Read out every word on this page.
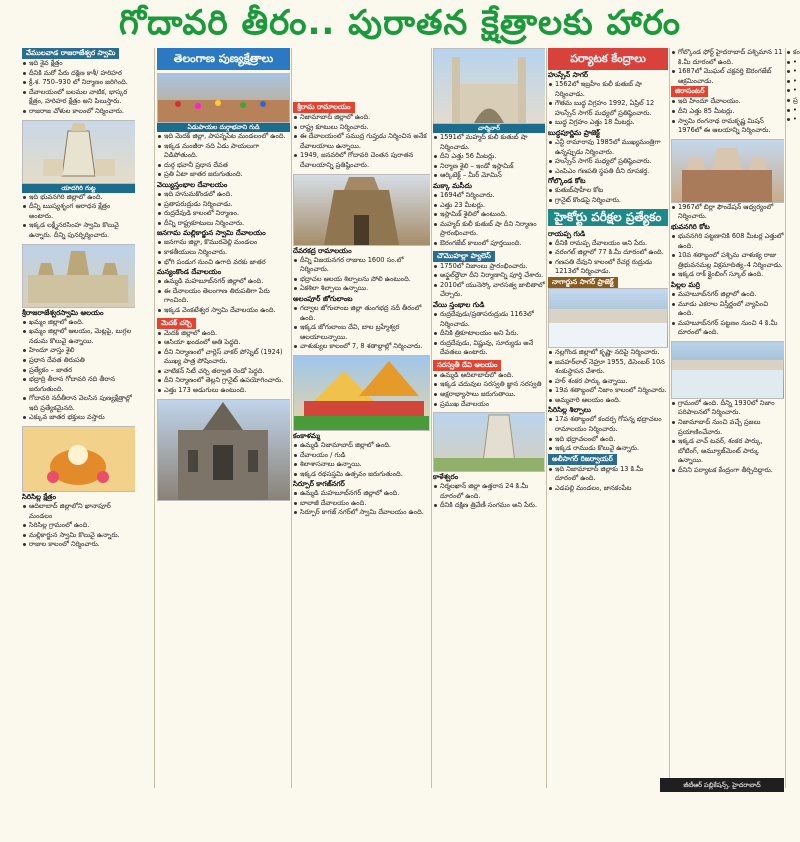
గోదావరి తీరం.. పురాతన క్షేత్రాలకు హారం
వేములవాడ రాజరాజేశ్వర స్వామి
ఇది శైవ క్షేత్రం
దీనికి మరో పేరు దక్షిణ కాశీ/ హరిహర
క్రీ.శ. 750–930 లో నిర్మాణం జరిగింది.
దేవాలయంలో బలమల వాటిక, భాస్కర క్షేత్రం, హరిహర క్షేత్రం అని పిలుస్తారు.
రాజరాజ చోళుల కాలంలో నిర్మించారు.
యాదగిరి గుట్ట
ఇది భువనగిరి జిల్లాలో ఉంది.
దీన్ని ఋష్యశృంగ ఆరాధన క్షేత్రం అంటారు.
ఇక్కడ లక్ష్మీనరసింహ స్వామి కొలువై ఉన్నారు. దీన్ని పునర్నిర్మించారు.
శ్రీరాజరాజేశ్వరస్వామి ఆలయం
ఖమ్మం జిల్లాలో ఉంది.
ఖమ్మం జిల్లాలో ఆలయం, మెట్లపై, బుగ్గల నడుమ కొలువై ఉన్నాయి.
హిందూ వాస్తు శైలి
ప్రధాన దేవత తిరుపతి
ప్రత్యేకం – జాతర
భద్రాద్రి తీరాన గోదావరి నది తీరాన జరుగుతుంది.
గోదావరి నదీతీరాన వెలసిన పుణ్యక్షేత్రాల్లో ఇది ప్రత్యేకమైనది.
ఎక్కువ జాతర భక్తులు వస్తారు
సిరిసిల్ల క్షేత్రం
ఆదిలాబాద్ జిల్లాలోని ఖానాపూర్ మండలం
సిరిసిల్ల గ్రామంలో ఉంది.
మల్లికార్జున స్వామి కొలువై ఉన్నారు.
రాజుల కాలంలో నిర్మించారు.
తెలంగాణ పుణ్యక్షేత్రాలు
ఏడుపాయల దుర్గాభవాని గుడి
ఇది మెదక్ జిల్లా, పాపన్నపేట మండలంలో ఉంది.
ఇక్కడ మంజీరా నది ఏడు పాయలుగా విడిపోతుంది.
దుర్గ భవానీ ప్రధాన దేవత
ప్రతి ఏటా జాతర జరుగుతుంది.
వెయ్యిస్తంభాల దేవాలయం
ఇది హనుమకొండలో ఉంది.
ప్రతాపరుద్రుడు నిర్మించాడు.
రుద్రదేవుడి కాలంలో నిర్మాణం.
దీన్ని రాష్ట్రకూటులు నిర్మించారు.
జనగామ మల్లికార్జున స్వామి దేవాలయం
జనగామ జిల్లా, కొమురవెల్లి మండలం
కాకతీయులు నిర్మించారు.
భోగి పండుగ నుంచి ఉగాది వరకు జాతర
మన్యంకొండ దేవాలయం
ఉమ్మడి మహబూబ్‌నగర్ జిల్లాలో ఉంది.
ఈ దేవాలయం తెలంగాణ తిరుపతిగా పేరు గాంచింది.
ఇక్కడ వెంకటేశ్వర స్వామి దేవాలయం ఉంది.
మెదక్ చర్చి
మెదక్ జిల్లాలో ఉంది.
ఆసియా ఖండంలో అతి పెద్దది.
దీని నిర్మాణంలో చార్లెస్ వాకర్ పోస్నెట్ (1924) ముఖ్య పాత్ర పోషించారు.
వాటికన్ సిటీ చర్చి తర్వాత రెండో పెద్దది.
దీని నిర్మాణంలో తెల్లని గ్రానైట్ ఉపయోగించారు.
ఎత్తు 173 అడుగులు ఉంటుంది.
శ్రీరామ రామాలయం
నిజామాబాద్ జిల్లాలో ఉంది.
రాష్ట్ర కూటులు నిర్మించారు.
ఈ దేవాలయంలో సముద్ర గుప్తుడు నిర్మించిన అనేక దేవాలయాలు ఉన్నాయి.
1949, జనవరిలో గోదావరి చెంతన పురాతన దేవాలయాన్ని ప్రతిష్ఠించారు.
దేవరకద్ర రామాలయం
దీన్ని విజయనగర రాజులు 1600 సం.లో నిర్మించారు.
భద్రాచల ఆలయ శిల్పాలను పోలి ఉంటుంది.
ఏకశిలా శిల్పాలు ఉన్నాయి.
అలంపూర్ జోగులాంబ
గద్వాల జోగులాంబ జిల్లా తుంగభద్ర నదీ తీరంలో ఉంది.
ఇక్కడ జోగులాంబ దేవి, బాల బ్రహ్మేశ్వర ఆలయాలున్నాయి.
చాళుక్యుల కాలంలో 7, 8 శతాబ్దాల్లో నిర్మించారు.
కంకాళమ్మ
ఉమ్మడి నిజామాబాద్ జిల్లాలో ఉంది.
దేవాలయం / గుడి
శిలాశాసనాలు ఉన్నాయి.
ఇక్కడ రథసప్తమి ఉత్సవం జరుగుతుంది.
సిర్పూర్ కాగజ్‌నగర్
ఉమ్మడి మహబూబ్‌నగర్ జిల్లాలో ఉంది.
బాలాజీ దేవాలయం ఉంది.
సిర్పూర్ కాగజ్ నగర్‌లో స్వామి దేవాలయం ఉంది.
చార్మినార్
1591లో మహ్మద్ కులీ కుతుబ్ షా నిర్మించాడు.
దీని ఎత్తు 56 మీటర్లు.
నిర్మాణ శైలి – ఇండో ఇస్లామిక్
ఆర్కిటెక్ట్ – మీర్ మోమిన్
మక్కా మసీదు
1694లో నిర్మించారు.
ఎత్తు 23 మీటర్లు.
ఇస్లామిక్ శైలిలో ఉంటుంది.
మహ్మద్ కులీ కుతుబ్ షా దీని నిర్మాణం ప్రారంభించారు.
ఔరంగజేబ్ కాలంలో పూర్తయింది.
చౌమొహల్లా ప్యాలెస్
1750లో నిజాంలు ప్రారంభించారు.
అఫ్జల్‌ద్దౌలా దీని నిర్మాణాన్ని పూర్తి చేశారు.
2010లో యునెస్కో వారసత్వ జాబితాలో చేర్చారు.
వేయి స్తంభాల గుడి
రుద్రదేవుడు/ప్రతాపరుద్రుడు 1163లో నిర్మించాడు.
దీనికి త్రికూటాలయం అని పేరు.
రుద్రదేవుడు, విష్ణువు, సూర్యుడు అనే దేవతలు ఉంటారు.
సరస్వతీ దేవి ఆలయం
ఉమ్మడి ఆదిలాబాద్‌లో ఉంది.
ఇక్కడ చదువుల సరస్వతి జ్ఞాన సరస్వతి
అక్షరాభ్యాసాలు జరుగుతాయి.
ప్రముఖ దేవాలయం
కాళేశ్వరం
నిర్మలఖాన్ జిల్లా ఉత్తరాన 24 కి.మీ దూరంలో ఉంది.
దీనికి దక్షిణ త్రివేణీ సంగమం అని పేరు.
పర్యాటక కేంద్రాలు
హుస్సేన్ సాగర్
1562లో ఇబ్రహీం కులీ కుతుబ్ షా నిర్మించాడు.
గౌతమ బుద్ధ విగ్రహం 1992, ఏప్రిల్ 12 హుస్సేన్ సాగర్ మధ్యలో ప్రతిష్ఠించారు.
బుద్ధ విగ్రహం ఎత్తు 18 మీటర్లు.
బుద్ధపూర్ణిమ ప్రాజెక్ట్
ఎన్టీ రామారావు 1985లో ముఖ్యమంత్రిగా ఉన్నప్పుడు నిర్మించారు.
హుస్సేన్ సాగర్ మధ్యలో ప్రతిష్ఠించారు.
ఎంపిఎం గణపతి స్థపతి దీని రూపకర్త.
గోల్కొండ కోట
కుతుబ్‌షాహీల కోట
గ్రానైట్ కొండపై నిర్మించారు.
హైకోర్టు పరీక్షల ప్రత్యేకం
రాయప్ప గుడి
దీనికి రామప్ప దేవాలయం అని పేరు.
వరంగల్ జిల్లాలో 77 కి.మీ దూరంలో ఉంది.
గణపతి దేవుని కాలంలో రేచర్ల రుద్రుడు 1213లో నిర్మించాడు.
నాగార్జున సాగర్ ప్రాజెక్ట్
నల్లగొండ జిల్లాలో కృష్ణా నదిపై నిర్మించారు.
జవహర్‌లాల్ నెహ్రూ 1955, డిసెంబర్ 10న శంకుస్థాపన చేశారు.
హర్ శంకర పార్కు ఉన్నాయి.
19వ శతాబ్దంలో నిజాం కాలంలో నిర్మించారు.
అమ్మవారి ఆలయం ఉంది.
సిరిసిల్ల శిల్పాలు
17వ శతాబ్దంలో కందర్ప గోపన్న భద్రాచలం రామాలయం నిర్మించారు.
ఇది భద్రాచలంలో ఉంది.
ఇక్కడ రాముడు కొలువై ఉన్నారు.
అలీసాగర్ రిజర్వాయర్
ఇది నిజామాబాద్ జిల్లాకు 13 కి.మీ దూరంలో ఉంది.
ఎడపల్లి మండలం, జానకంపేట
గోల్కొండ ఫోర్ట్ హైదరాబాద్ పశ్చిమాన 11 కి.మీ దూరంలో ఉంది.
1687లో మొఘల్ చక్రవర్తి ఔరంగజేబ్ ఆక్రమించాడు.
జిరాసంటర్
ఇది హిందూ దేవాలయం.
దీని ఎత్తు 85 మీటర్లు.
స్వామి రంగనాథ రామకృష్ణ మిషన్ 1976లో ఈ ఆలయాన్ని నిర్మించారు.
1967లో బిర్లా ఫౌండేషన్ ఆధ్వర్యంలో నిర్మించారు.
భువనగిరి కోట
భువనగిరి పట్టణానికి 608 మీటర్ల ఎత్తులో ఉంది.
10వ శతాబ్దంలో పశ్చిమ చాళుక్య రాజు త్రిభువనమల్ల విక్రమాదిత్య–4 నిర్మించాడు.
ఇక్కడ రాక్ క్లైంబింగ్ స్కూల్ ఉంది.
పిల్లల మర్రి
మహబూబ్‌నగర్ జిల్లాలో ఉంది.
మూడు ఎకరాల విస్తీర్ణంలో వ్యాపించి ఉంది.
మహబూబ్‌నగర్ పట్టణం నుంచి 4 కి.మీ దూరంలో ఉంది.
గ్రామంలో ఉంది. దీన్ని 1930లో నిజాం పరిపాలనలో నిర్మించారు.
నిజామాబాద్ నుంచి వచ్చే ప్రజలు ప్రయాణించేవారు.
ఇక్కడ వాచ్ టవర్, శంకర పార్కు, బోటింగ్, అమ్యూజ్‌మెంట్ పార్కు ఉన్నాయి.
దీనిని పర్యాటక కేంద్రంగా తీర్చిదిద్దారు.
కం
•
•
•
•
ప్ర
•
•
జీటీఆర్ పబ్లికేషన్స్, హైదరాబాద్
